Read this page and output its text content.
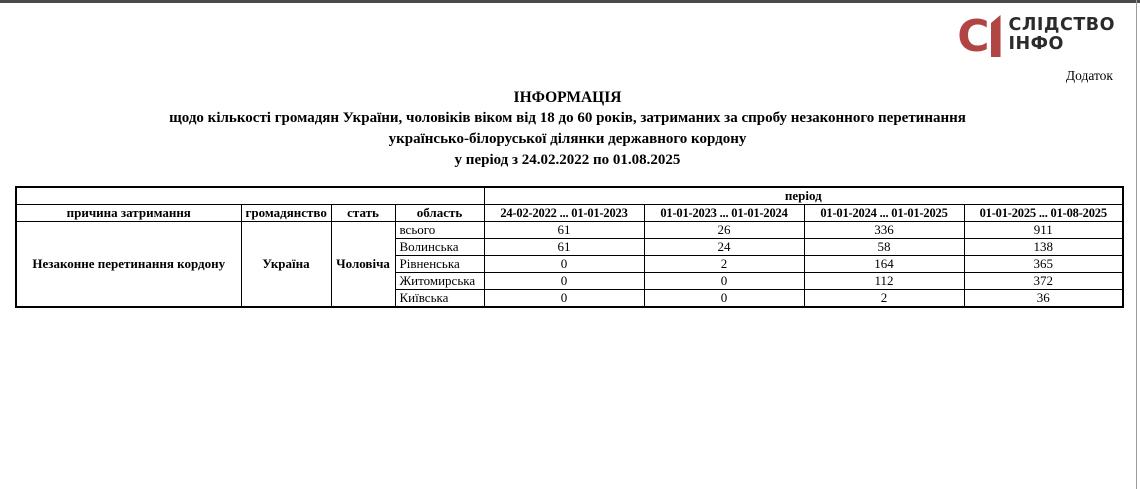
С СЛІДСТВО
ІНФО
Додаток
ІНФОРМАЦІЯ
щодо кількості громадян України, чоловіків віком від 18 до 60 років, затриманих за спробу незаконного перетинання
українсько-білоруської ділянки державного кордону
у період з 24.02.2022 по 01.08.2025
				період			
причина затримання	громадянство	стать	область	24-02-2022 ... 01-01-2023	01-01-2023 ... 01-01-2024	01-01-2024 ... 01-01-2025	01-01-2025 ... 01-08-2025
Незаконне перетинання кордону	Україна	Чоловіча	всього	61	26	336	911
			Волинська	61	24	58	138
			Рівненська	0	2	164	365
			Житомирська	0	0	112	372
			Київська	0	0	2	36
